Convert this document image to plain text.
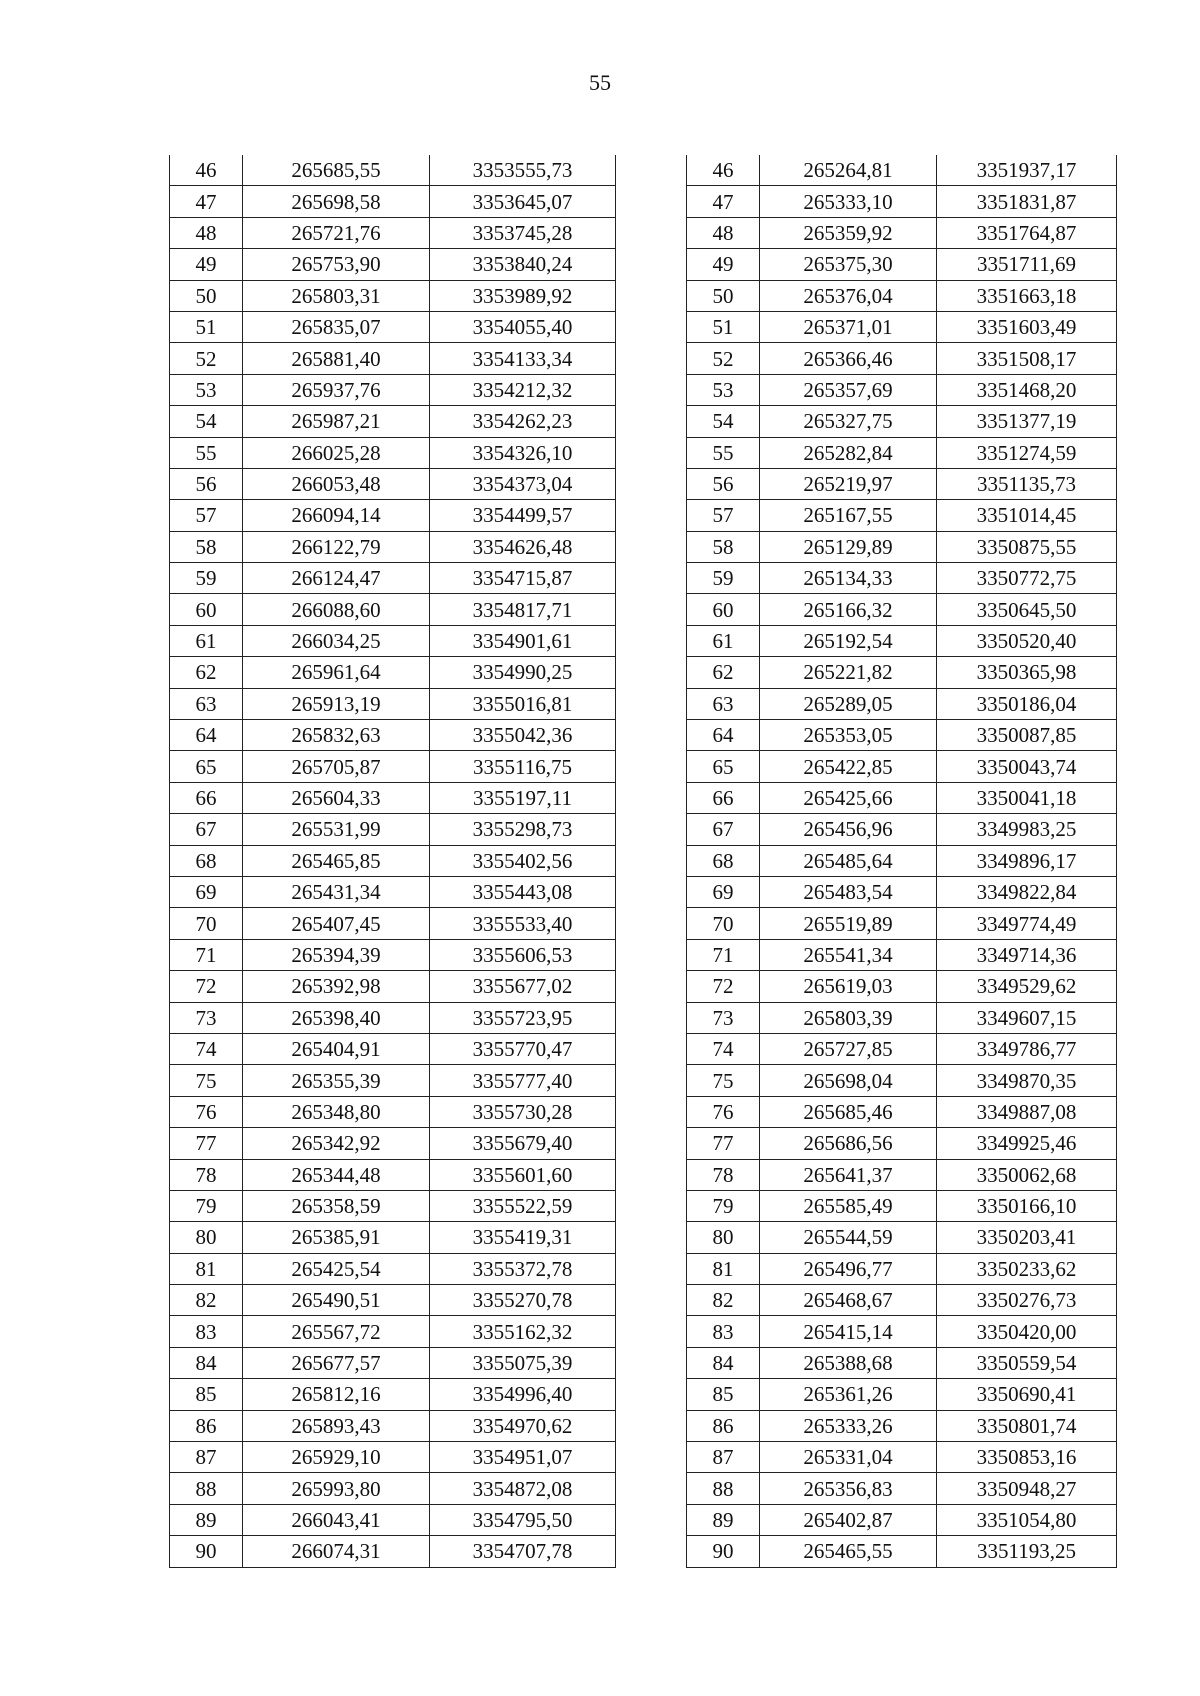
55
46	265685,55	3353555,73
47	265698,58	3353645,07
48	265721,76	3353745,28
49	265753,90	3353840,24
50	265803,31	3353989,92
51	265835,07	3354055,40
52	265881,40	3354133,34
53	265937,76	3354212,32
54	265987,21	3354262,23
55	266025,28	3354326,10
56	266053,48	3354373,04
57	266094,14	3354499,57
58	266122,79	3354626,48
59	266124,47	3354715,87
60	266088,60	3354817,71
61	266034,25	3354901,61
62	265961,64	3354990,25
63	265913,19	3355016,81
64	265832,63	3355042,36
65	265705,87	3355116,75
66	265604,33	3355197,11
67	265531,99	3355298,73
68	265465,85	3355402,56
69	265431,34	3355443,08
70	265407,45	3355533,40
71	265394,39	3355606,53
72	265392,98	3355677,02
73	265398,40	3355723,95
74	265404,91	3355770,47
75	265355,39	3355777,40
76	265348,80	3355730,28
77	265342,92	3355679,40
78	265344,48	3355601,60
79	265358,59	3355522,59
80	265385,91	3355419,31
81	265425,54	3355372,78
82	265490,51	3355270,78
83	265567,72	3355162,32
84	265677,57	3355075,39
85	265812,16	3354996,40
86	265893,43	3354970,62
87	265929,10	3354951,07
88	265993,80	3354872,08
89	266043,41	3354795,50
90	266074,31	3354707,78
46	265264,81	3351937,17
47	265333,10	3351831,87
48	265359,92	3351764,87
49	265375,30	3351711,69
50	265376,04	3351663,18
51	265371,01	3351603,49
52	265366,46	3351508,17
53	265357,69	3351468,20
54	265327,75	3351377,19
55	265282,84	3351274,59
56	265219,97	3351135,73
57	265167,55	3351014,45
58	265129,89	3350875,55
59	265134,33	3350772,75
60	265166,32	3350645,50
61	265192,54	3350520,40
62	265221,82	3350365,98
63	265289,05	3350186,04
64	265353,05	3350087,85
65	265422,85	3350043,74
66	265425,66	3350041,18
67	265456,96	3349983,25
68	265485,64	3349896,17
69	265483,54	3349822,84
70	265519,89	3349774,49
71	265541,34	3349714,36
72	265619,03	3349529,62
73	265803,39	3349607,15
74	265727,85	3349786,77
75	265698,04	3349870,35
76	265685,46	3349887,08
77	265686,56	3349925,46
78	265641,37	3350062,68
79	265585,49	3350166,10
80	265544,59	3350203,41
81	265496,77	3350233,62
82	265468,67	3350276,73
83	265415,14	3350420,00
84	265388,68	3350559,54
85	265361,26	3350690,41
86	265333,26	3350801,74
87	265331,04	3350853,16
88	265356,83	3350948,27
89	265402,87	3351054,80
90	265465,55	3351193,25
